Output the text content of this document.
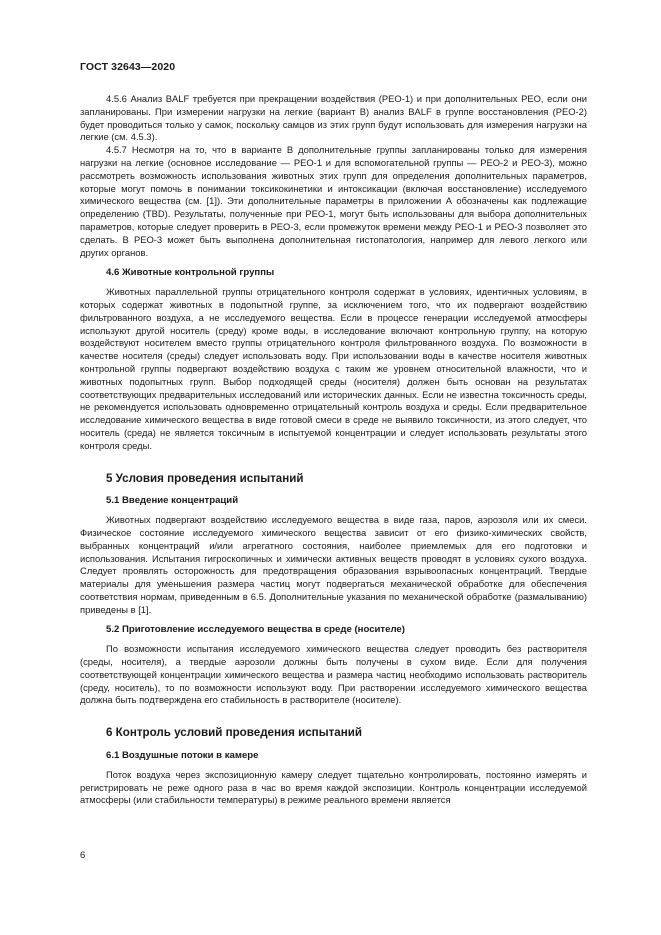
ГОСТ 32643—2020

4.5.6 Анализ BALF требуется при прекращении воздействия (PEO-1) и при дополнительных PEO, если они запланированы. При измерении нагрузки на легкие (вариант В) анализ BALF в группе восстановления (PEO-2) будет проводиться только у самок, поскольку самцов из этих групп будут использовать для измерения нагрузки на легкие (см. 4.5.3).

4.5.7 Несмотря на то, что в варианте В дополнительные группы запланированы только для измерения нагрузки на легкие (основное исследование — PEO-1 и для вспомогательной группы — PEO-2 и PEO-3), можно рассмотреть возможность использования животных этих групп для определения дополнительных параметров, которые могут помочь в понимании токсикокинетики и интоксикации (включая восстановление) исследуемого химического вещества (см. [1]). Эти дополнительные параметры в приложении А обозначены как подлежащие определению (TBD). Результаты, полученные при PEO-1, могут быть использованы для выбора дополнительных параметров, которые следует проверить в PEO-3, если промежуток времени между PEO-1 и PEO-3 позволяет это сделать. В PEO-3 может быть выполнена дополнительная гистопатология, например для левого легкого или других органов.

4.6 Животные контрольной группы

Животных параллельной группы отрицательного контроля содержат в условиях, идентичных условиям, в которых содержат животных в подопытной группе, за исключением того, что их подвергают воздействию фильтрованного воздуха, а не исследуемого вещества. Если в процессе генерации исследуемой атмосферы используют другой носитель (среду) кроме воды, в исследование включают контрольную группу, на которую воздействуют носителем вместо группы отрицательного контроля фильтрованного воздуха. По возможности в качестве носителя (среды) следует использовать воду. При использовании воды в качестве носителя животных контрольной группы подвергают воздействию воздуха с таким же уровнем относительной влажности, что и животных подопытных групп. Выбор подходящей среды (носителя) должен быть основан на результатах соответствующих предварительных исследований или исторических данных. Если не известна токсичность среды, не рекомендуется использовать одновременно отрицательный контроль воздуха и среды. Если предварительное исследование химического вещества в виде готовой смеси в среде не выявило токсичности, из этого следует, что носитель (среда) не является токсичным в испытуемой концентрации и следует использовать результаты этого контроля среды.

5 Условия проведения испытаний
5.1 Введение концентраций

Животных подвергают воздействию исследуемого вещества в виде газа, паров, аэрозоля или их смеси. Физическое состояние исследуемого химического вещества зависит от его физико-химических свойств, выбранных концентраций и/или агрегатного состояния, наиболее приемлемых для его подготовки и использования. Испытания гигроскопичных и химически активных веществ проводят в условиях сухого воздуха. Следует проявлять осторожность для предотвращения образования взрывоопасных концентраций. Твердые материалы для уменьшения размера частиц могут подвергаться механической обработке для обеспечения соответствия нормам, приведенным в 6.5. Дополнительные указания по механической обработке (размалыванию) приведены в [1].

5.2 Приготовление исследуемого вещества в среде (носителе)

По возможности испытания исследуемого химического вещества следует проводить без растворителя (среды, носителя), а твердые аэрозоли должны быть получены в сухом виде. Если для получения соответствующей концентрации химического вещества и размера частиц необходимо использовать растворитель (среду, носитель), то по возможности используют воду. При растворении исследуемого химического вещества должна быть подтверждена его стабильность в растворителе (носителе).

6 Контроль условий проведения испытаний
6.1 Воздушные потоки в камере

Поток воздуха через экспозиционную камеру следует тщательно контролировать, постоянно измерять и регистрировать не реже одного раза в час во время каждой экспозиции. Контроль концентрации исследуемой атмосферы (или стабильности температуры) в режиме реального времени является

6
